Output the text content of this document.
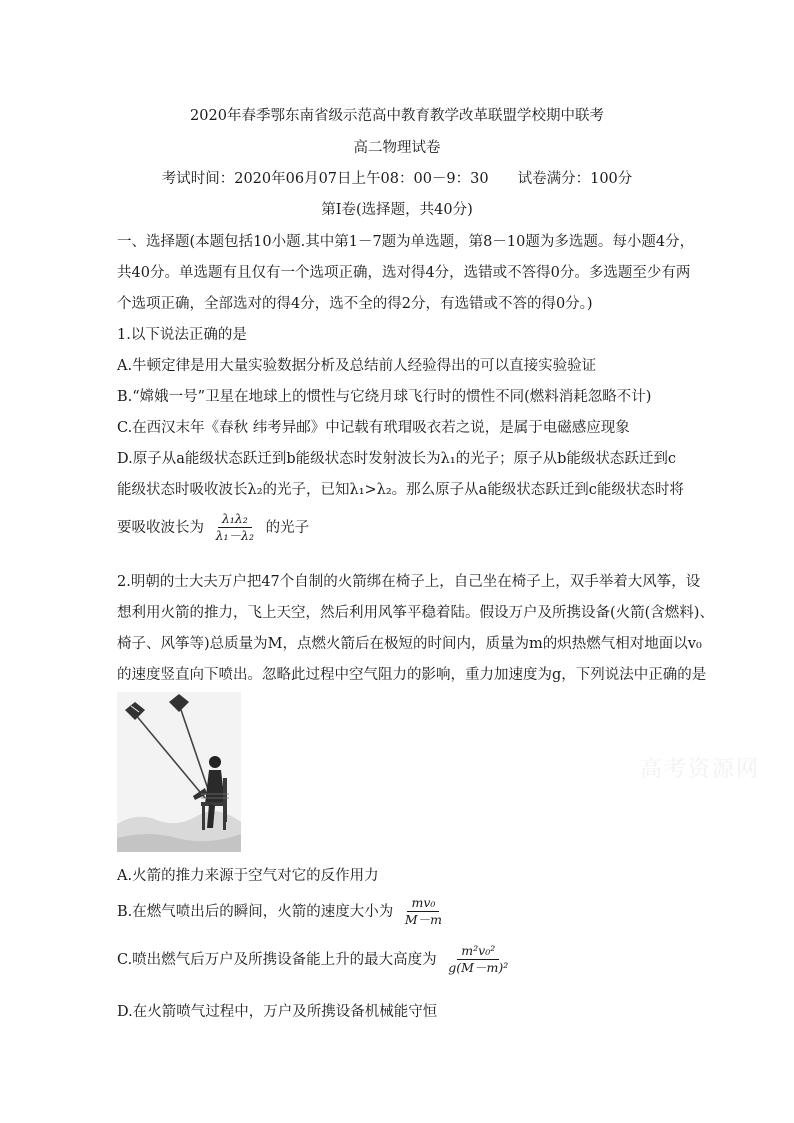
2020年春季鄂东南省级示范高中教育教学改革联盟学校期中联考
高二物理试卷
考试时间：2020年06月07日上午08：00－9：30　　试卷满分：100分
第Ⅰ卷(选择题，共40分)
一、选择题(本题包括10小题.其中第1－7题为单选题，第8－10题为多选题。每小题4分，
共40分。单选题有且仅有一个选项正确，选对得4分，选错或不答得0分。多选题至少有两
个选项正确，全部选对的得4分，选不全的得2分，有选错或不答的得0分。)
1.以下说法正确的是
A.牛顿定律是用大量实验数据分析及总结前人经验得出的可以直接实验验证
B.“嫦娥一号”卫星在地球上的惯性与它绕月球飞行时的惯性不同(燃料消耗忽略不计)
C.在西汉末年《春秋 纬考异邮》中记载有玳瑁吸衣若之说，是属于电磁感应现象
D.原子从a能级状态跃迁到b能级状态时发射波长为λ₁的光子；原子从b能级状态跃迁到c
能级状态时吸收波长λ₂的光子，已知λ₁>λ₂。那么原子从a能级状态跃迁到c能级状态时将
要吸收波长为 $\frac{\text{λ₁λ₂}}{\text{λ₁－λ₂}}$ 的光子
2.明朝的士大夫万户把47个自制的火箭绑在椅子上，自己坐在椅子上，双手举着大风筝，设
想利用火箭的推力，飞上天空，然后利用风筝平稳着陆。假设万户及所携设备(火箭(含燃料)、
椅子、风筝等)总质量为M，点燃火箭后在极短的时间内，质量为m的炽热燃气相对地面以v₀
的速度竖直向下喷出。忽略此过程中空气阻力的影响，重力加速度为g，下列说法中正确的是
高考资源网
A.火箭的推力来源于空气对它的反作用力
B.在燃气喷出后的瞬间，火箭的速度大小为 $\frac{\text{mv₀}}{M-m}$
C.喷出燃气后万户及所携设备能上升的最大高度为 $\frac{\text{m²v₀²}}{\text{g(M－m)²}}$
D.在火箭喷气过程中，万户及所携设备机械能守恒
